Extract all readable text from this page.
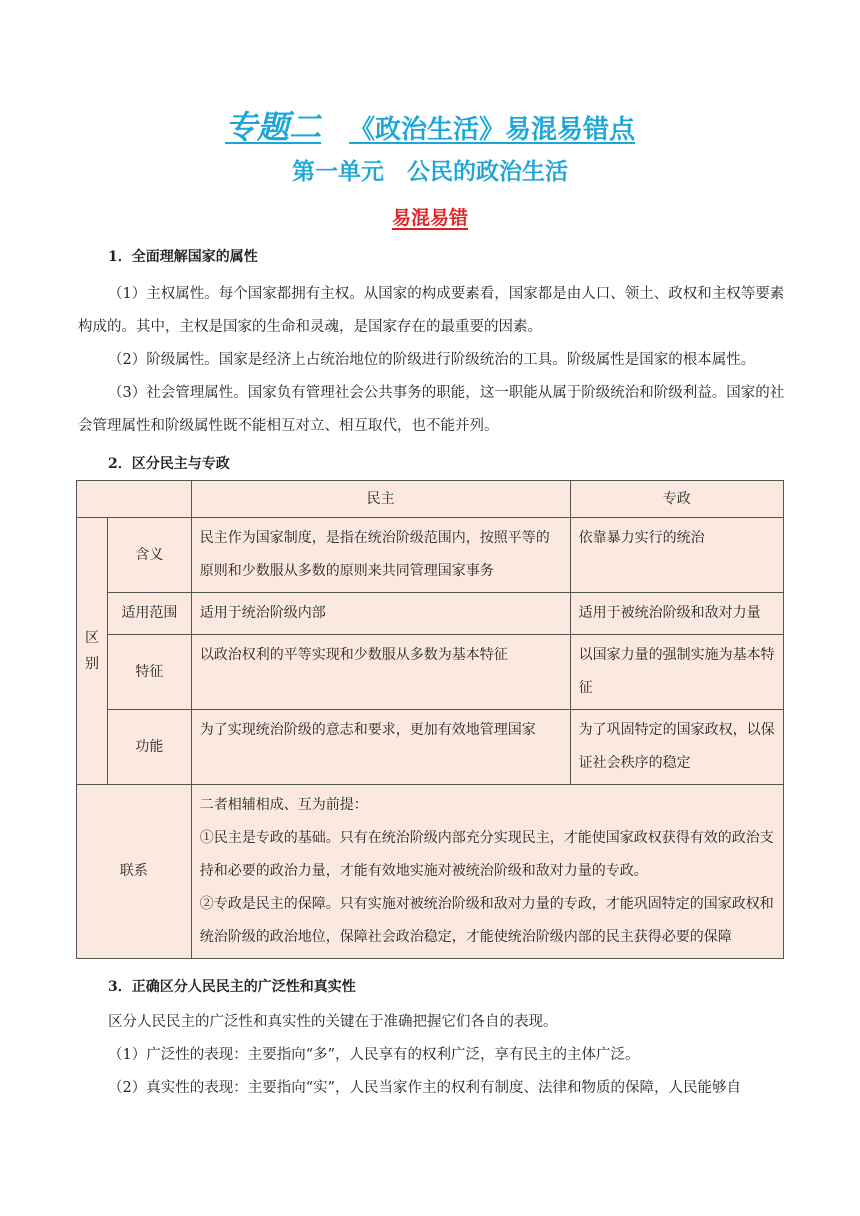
专题二 《政治生活》易混易错点
第一单元　公民的政治生活
易混易错
1．全面理解国家的属性

（1）主权属性。每个国家都拥有主权。从国家的构成要素看，国家都是由人口、领土、政权和主权等要素构成的。其中，主权是国家的生命和灵魂，是国家存在的最重要的因素。

（2）阶级属性。国家是经济上占统治地位的阶级进行阶级统治的工具。阶级属性是国家的根本属性。

（3）社会管理属性。国家负有管理社会公共事务的职能，这一职能从属于阶级统治和阶级利益。国家的社会管理属性和阶级属性既不能相互对立、相互取代，也不能并列。

2．区分民主与专政
		民主	专政
区别	含义	民主作为国家制度，是指在统治阶级范围内，按照平等的原则和少数服从多数的原则来共同管理国家事务	依靠暴力实行的统治
	适用范围	适用于统治阶级内部	适用于被统治阶级和敌对力量
	特征	以政治权利的平等实现和少数服从多数为基本特征	以国家力量的强制实施为基本特征
	功能	为了实现统治阶级的意志和要求，更加有效地管理国家	为了巩固特定的国家政权，以保证社会秩序的稳定
联系		二者相辅相成、互为前提：
①民主是专政的基础。只有在统治阶级内部充分实现民主，才能使国家政权获得有效的政治支持和必要的政治力量，才能有效地实施对被统治阶级和敌对力量的专政。
②专政是民主的保障。只有实施对被统治阶级和敌对力量的专政，才能巩固特定的国家政权和统治阶级的政治地位，保障社会政治稳定，才能使统治阶级内部的民主获得必要的保障	
3．正确区分人民民主的广泛性和真实性

区分人民民主的广泛性和真实性的关键在于准确把握它们各自的表现。

（1）广泛性的表现：主要指向“多”，人民享有的权利广泛，享有民主的主体广泛。

（2）真实性的表现：主要指向“实”，人民当家作主的权利有制度、法律和物质的保障，人民能够自
